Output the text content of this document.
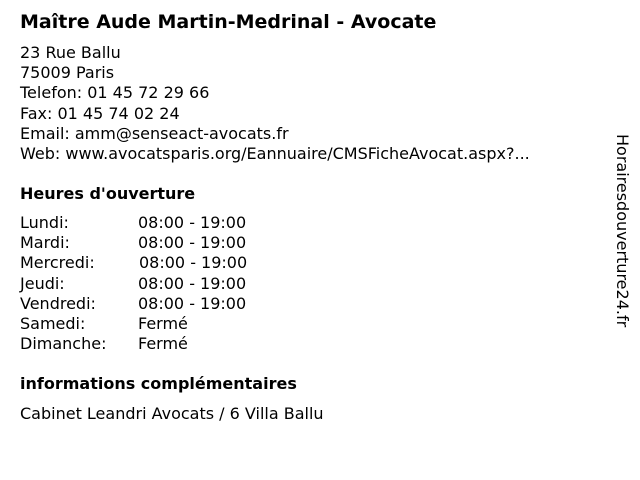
Maître Aude Martin-Medrinal - Avocate
23 Rue Ballu
75009 Paris
Telefon: 01 45 72 29 66
Fax: 01 45 74 02 24
Email: amm@senseact-avocats.fr
Web: www.avocatsparis.org/Eannuaire/CMSFicheAvocat.aspx?...
Heures d'ouverture
Lundi:	08:00 - 19:00
Mardi:	08:00 - 19:00
Mercredi:	08:00 - 19:00
Jeudi:	08:00 - 19:00
Vendredi:	08:00 - 19:00
Samedi:	Fermé
Dimanche: Fermé
informations complémentaires
Cabinet Leandri Avocats / 6 Villa Ballu
Horairesdouverture24.fr
